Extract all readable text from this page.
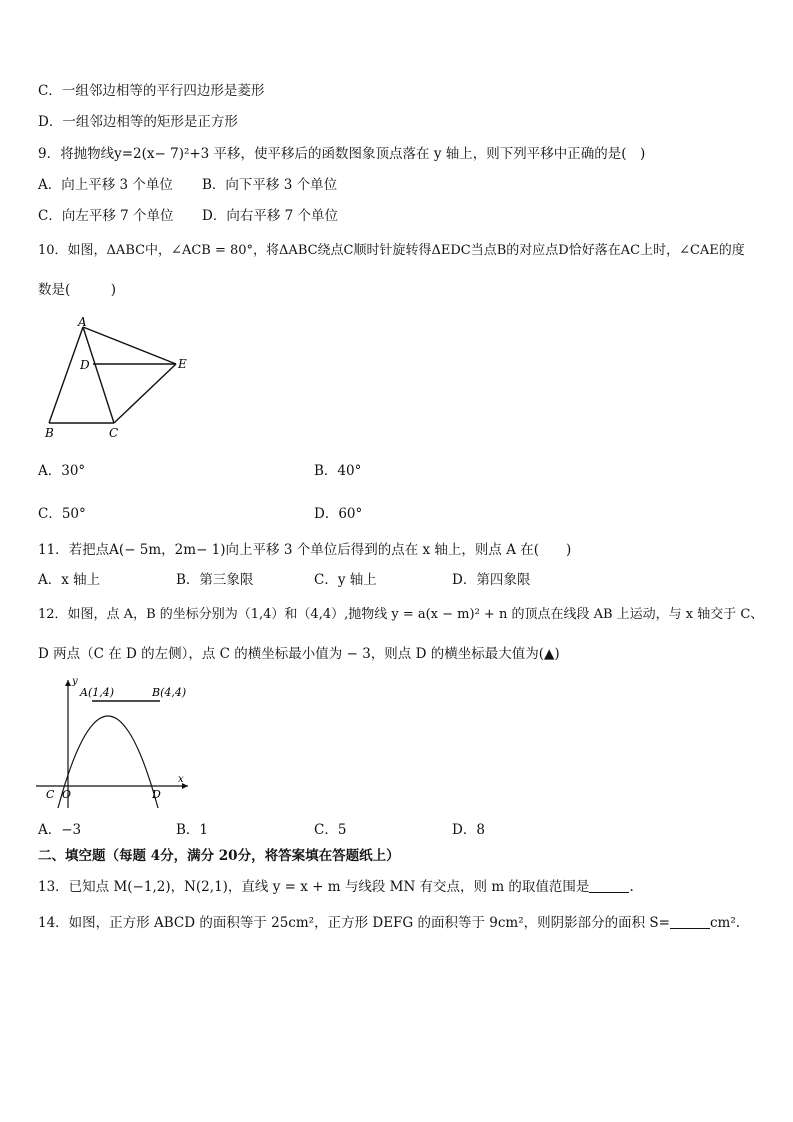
C．一组邻边相等的平行四边形是菱形
D．一组邻边相等的矩形是正方形
9．将抛物线y=2(x− 7)²+3 平移，使平移后的函数图象顶点落在 y 轴上，则下列平移中正确的是(　)
A．向上平移 3 个单位 B．向下平移 3 个单位
C．向左平移 7 个单位 D．向右平移 7 个单位
10．如图，ΔABC中，∠ACB = 80°，将ΔABC绕点C顺时针旋转得ΔEDC当点B的对应点D恰好落在AC上时，∠CAE的度
数是(　　　)
A
D	E
B	C
A．30°	B．40°
C．50°	D．60°
11．若把点A(− 5m，2m− 1)向上平移 3 个单位后得到的点在 x 轴上，则点 A 在(　　)
A．x 轴上	B．第三象限	C．y 轴上	D．第四象限
12．如图，点 A，B 的坐标分别为（1,4）和（4,4）,抛物线 y = a(x − m)² + n 的顶点在线段 AB 上运动，与 x 轴交于 C、
D 两点（C 在 D 的左侧），点 C 的横坐标最小值为 − 3，则点 D 的横坐标最大值为(▲)
y
x
A(1,4)	B(4,4)
C O	D
A．−3	B．1	C．5	D．8
二、填空题（每题 4分，满分 20分，将答案填在答题纸上）
13．已知点 M(−1,2)，N(2,1)，直线 y = x + m 与线段 MN 有交点，则 m 的取值范围是	.
14．如图，正方形 ABCD 的面积等于 25cm²，正方形 DEFG 的面积等于 9cm²，则阴影部分的面积 S=	cm².
